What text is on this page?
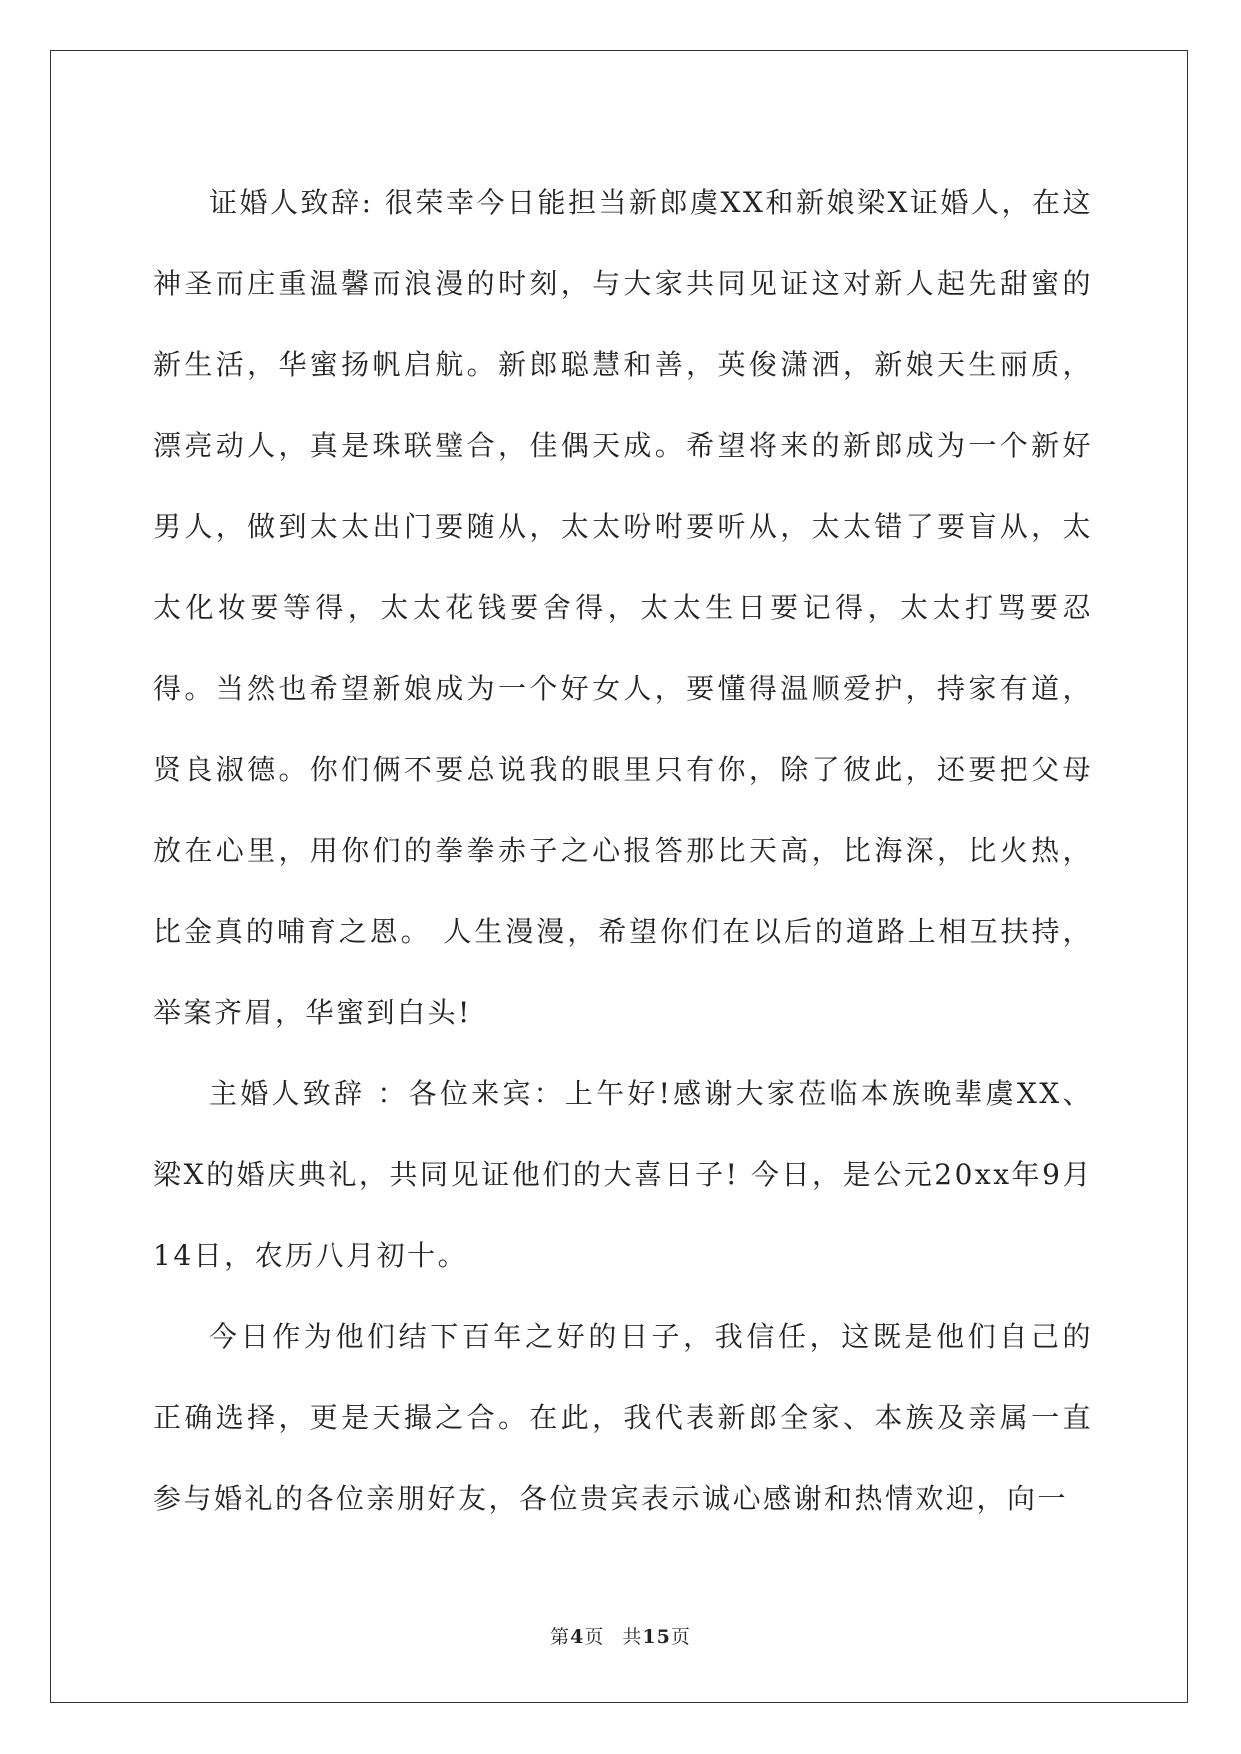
证婚人致辞: 很荣幸今日能担当新郎虞XX和新娘梁X证婚人，在这神圣而庄重温馨而浪漫的时刻，与大家共同见证这对新人起先甜蜜的新生活，华蜜扬帆启航。新郎聪慧和善，英俊潇洒，新娘天生丽质，漂亮动人，真是珠联璧合，佳偶天成。希望将来的新郎成为一个新好男人，做到太太出门要随从，太太吩咐要听从，太太错了要盲从，太太化妆要等得，太太花钱要舍得，太太生日要记得，太太打骂要忍得。当然也希望新娘成为一个好女人，要懂得温顺爱护，持家有道，贤良淑德。你们俩不要总说我的眼里只有你，除了彼此，还要把父母放在心里，用你们的拳拳赤子之心报答那比天高，比海深，比火热，比金真的哺育之恩。 人生漫漫，希望你们在以后的道路上相互扶持，举案齐眉，华蜜到白头!

主婚人致辞 ：各位来宾：上午好!感谢大家莅临本族晚辈虞XX、梁X的婚庆典礼，共同见证他们的大喜日子! 今日，是公元20xx年9月14日，农历八月初十。

今日作为他们结下百年之好的日子，我信任，这既是他们自己的正确选择，更是天撮之合。在此，我代表新郎全家、本族及亲属一直参与婚礼的各位亲朋好友，各位贵宾表示诚心感谢和热情欢迎，向一

第4页 共15页
